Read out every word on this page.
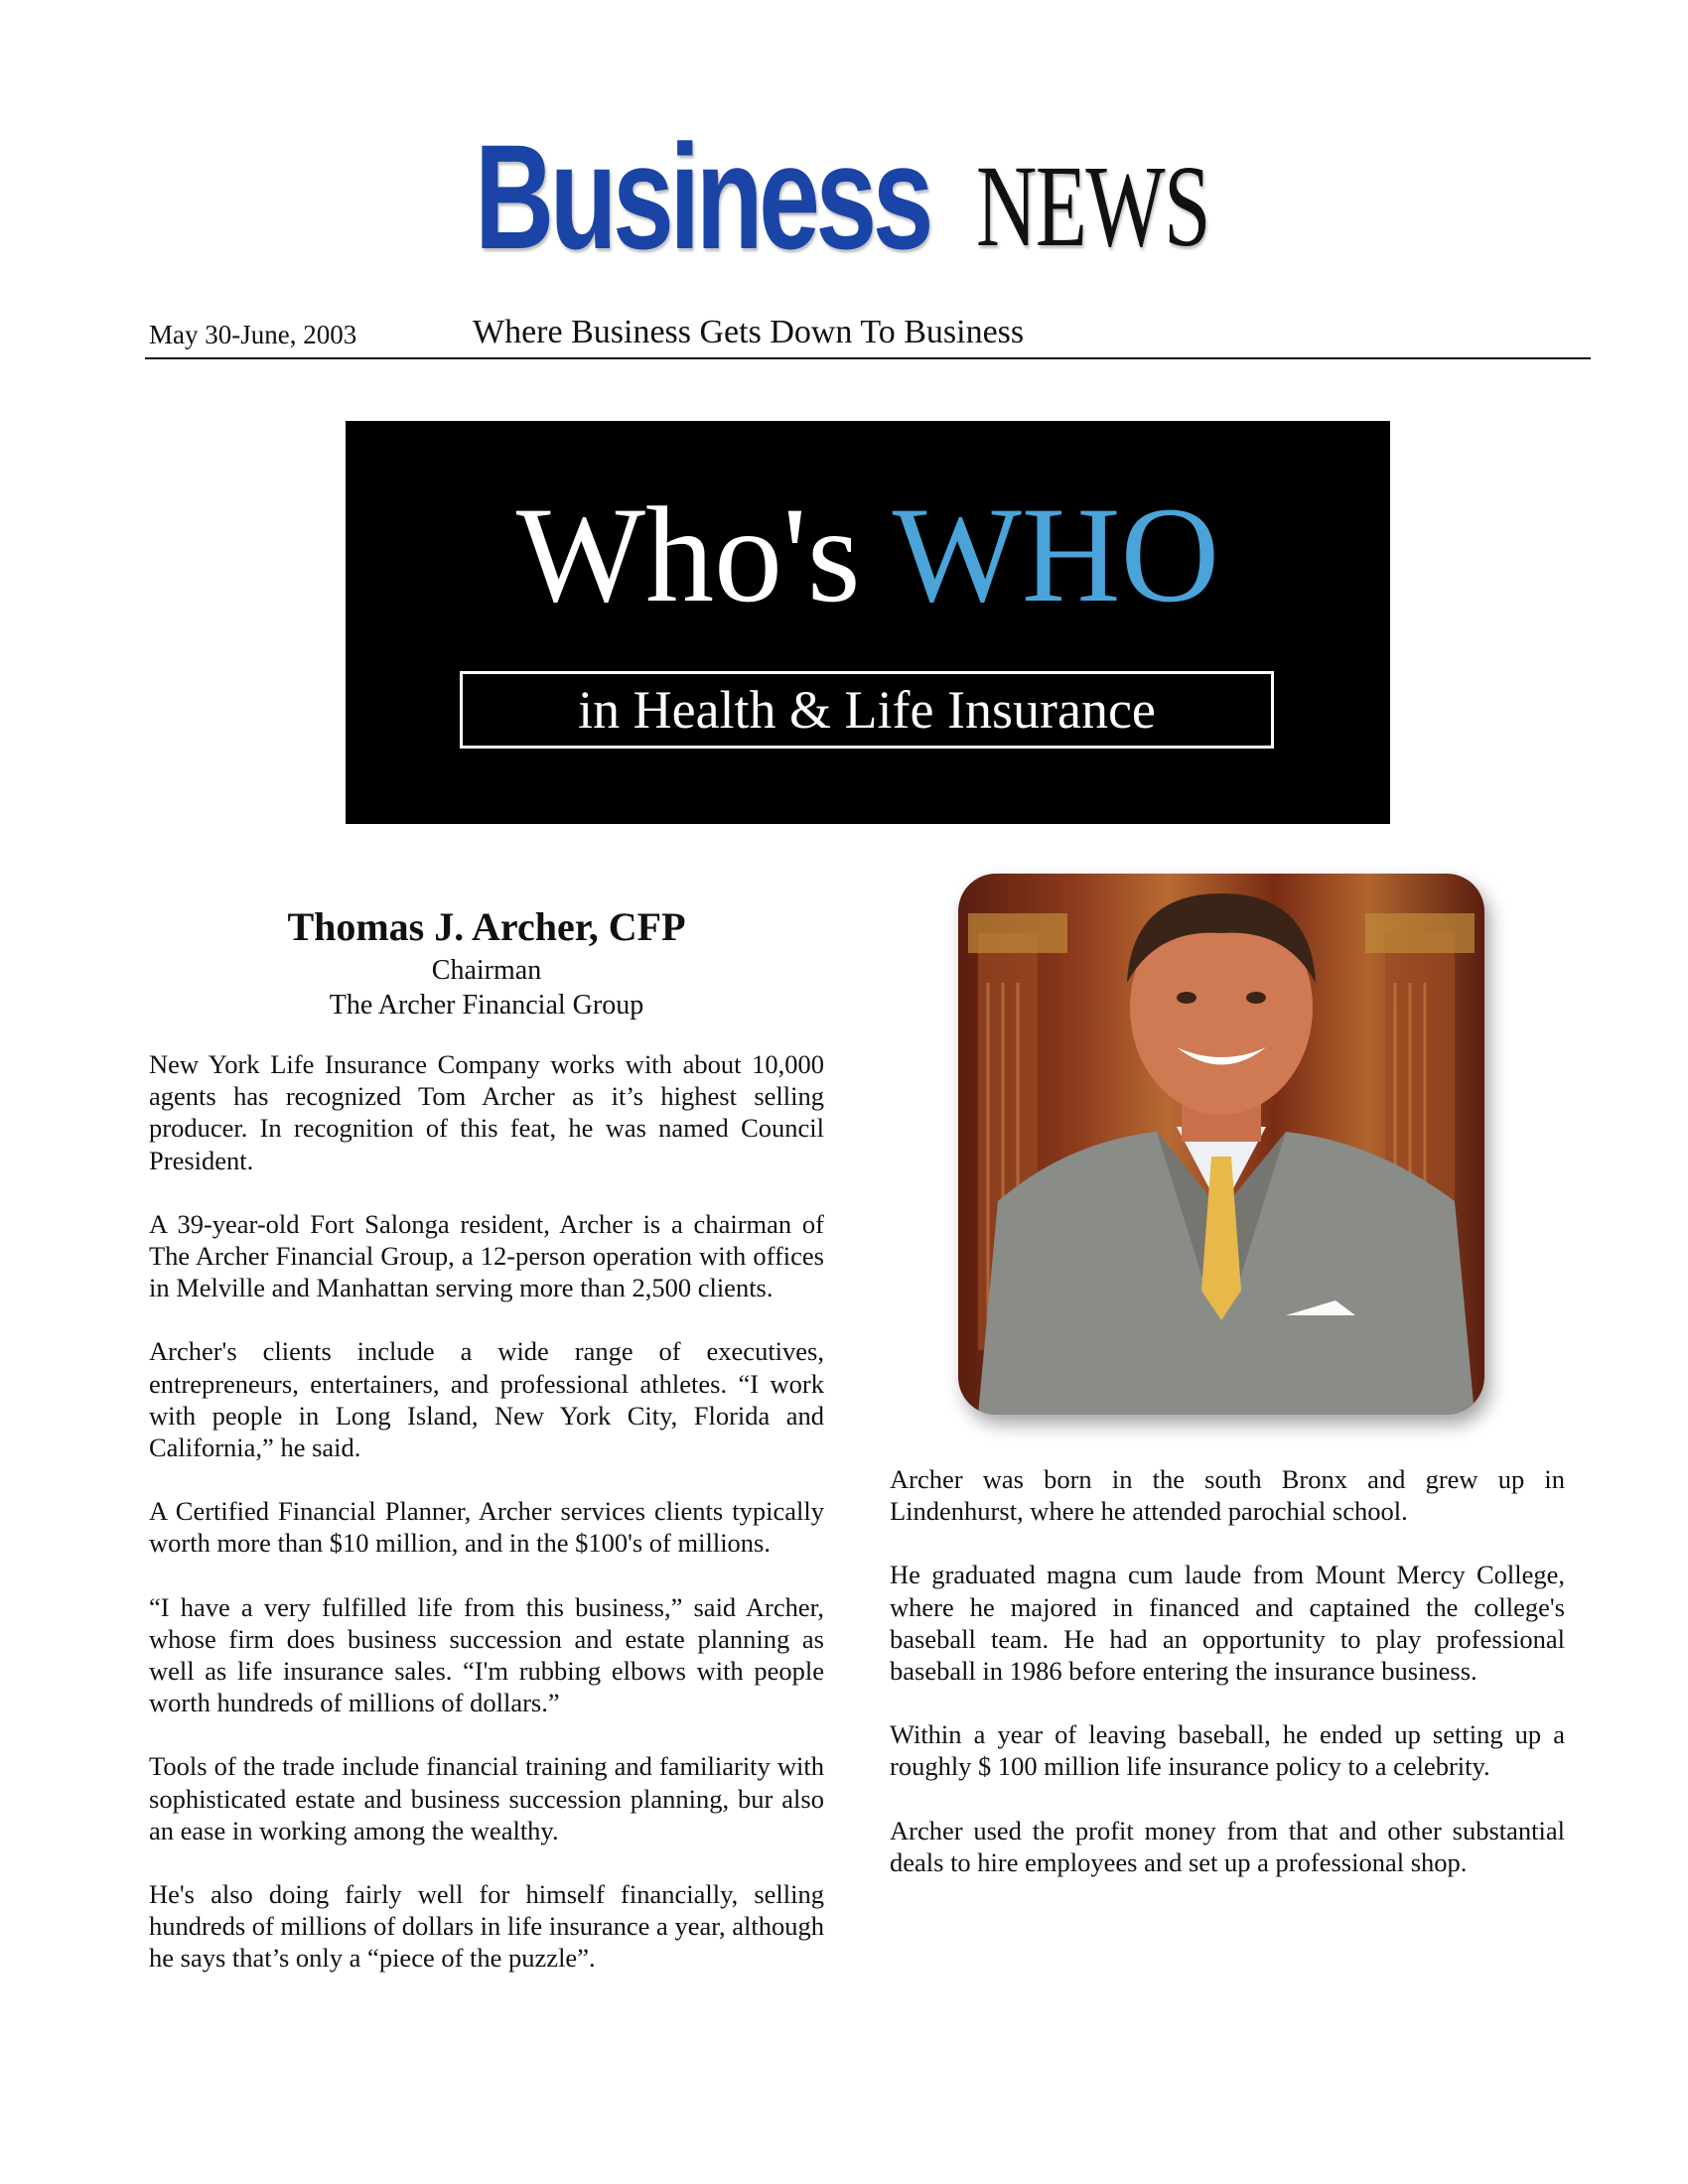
Business NEWS
May 30-June, 2003	Where Business Gets Down To Business
Who's WHO
in Health & Life Insurance
Thomas J. Archer, CFP
Chairman
The Archer Financial Group

New York Life Insurance Company works with about 10,000 agents has recognized Tom Archer as it’s highest selling producer. In recognition of this feat, he was named Council President.

A 39-year-old Fort Salonga resident, Archer is a chairman of The Archer Financial Group, a 12-person operation with offices in Melville and Manhattan serving more than 2,500 clients.

Archer's clients include a wide range of executives, entrepreneurs, entertainers, and professional athletes. “I work with people in Long Island, New York City, Florida and California,” he said.

A Certified Financial Planner, Archer services clients typically worth more than $10 million, and in the $100's of millions.

“I have a very fulfilled life from this business,” said Archer, whose firm does business succession and estate planning as well as life insurance sales. “I'm rubbing elbows with people worth hundreds of millions of dollars.”

Tools of the trade include financial training and familiarity with sophisticated estate and business succession planning, bur also an ease in working among the wealthy.

He's also doing fairly well for himself financially, selling hundreds of millions of dollars in life insurance a year, although he says that’s only a “piece of the puzzle”.

Archer was born in the south Bronx and grew up in Lindenhurst, where he attended parochial school.

He graduated magna cum laude from Mount Mercy College, where he majored in financed and captained the college's baseball team. He had an opportunity to play professional baseball in 1986 before entering the insurance business.

Within a year of leaving baseball, he ended up setting up a roughly $ 100 million life insurance policy to a celebrity.

Archer used the profit money from that and other substantial deals to hire employees and set up a professional shop.
